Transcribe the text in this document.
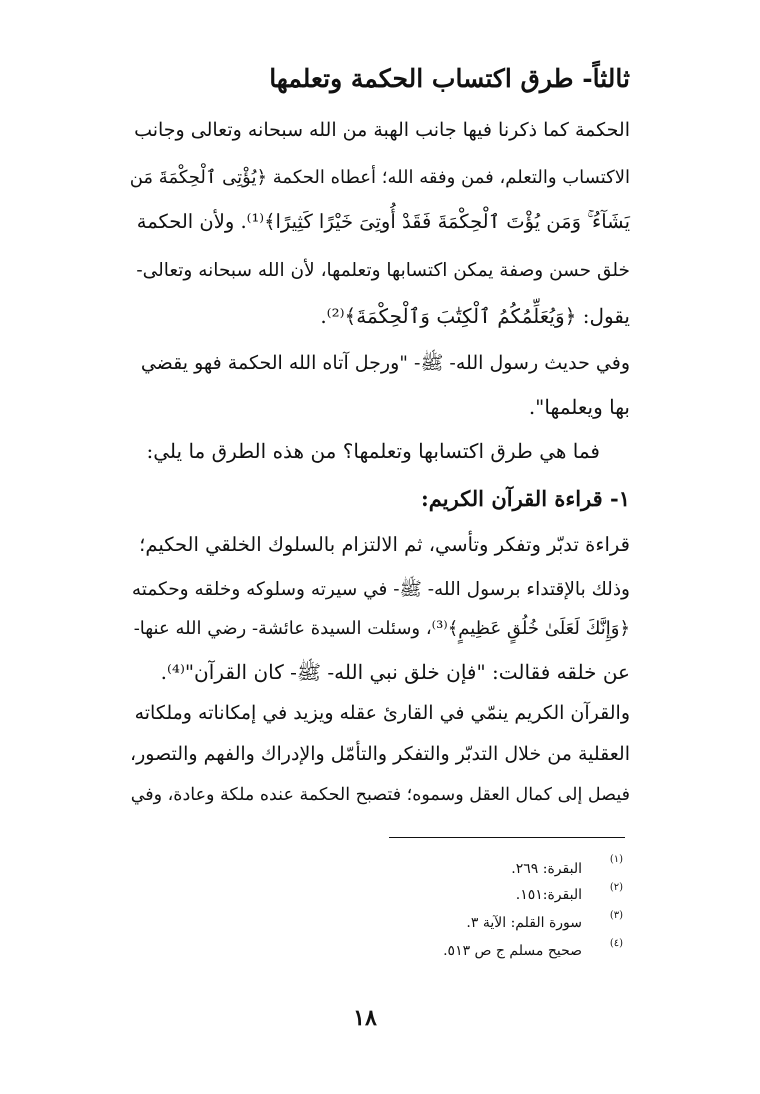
ثالثاً- طرق اكتساب الحكمة وتعلمها
الحكمة كما ذكرنا فيها جانب الهبة من الله سبحانه وتعالى وجانب
الاكتساب والتعلم، فمن وفقه الله؛ أعطاه الحكمة ﴿يُؤْتِى ٱلْحِكْمَةَ مَن
يَشَآءُ ۚ وَمَن يُؤْتَ ٱلْحِكْمَةَ فَقَدْ أُوتِىَ خَيْرًا كَثِيرًا﴾⁽¹⁾. ولأن الحكمة
خلق حسن وصفة يمكن اكتسابها وتعلمها، لأن الله سبحانه وتعالى-
يقول: ﴿وَيُعَلِّمُكُمُ ٱلْكِتَٰبَ وَٱلْحِكْمَةَ﴾⁽²⁾.
وفي حديث رسول الله- ﷺ- "ورجل آتاه الله الحكمة فهو يقضي
بها ويعلمها".
فما هي طرق اكتسابها وتعلمها؟ من هذه الطرق ما يلي:
١- قراءة القرآن الكريم:
قراءة تدبّر وتفكر وتأسي، ثم الالتزام بالسلوك الخلقي الحكيم؛
وذلك بالإقتداء برسول الله- ﷺ- في سيرته وسلوكه وخلقه وحكمته
﴿وَإِنَّكَ لَعَلَىٰ خُلُقٍ عَظِيمٍ﴾⁽³⁾، وسئلت السيدة عائشة- رضي الله عنها-
عن خلقه فقالت: "فإن خلق نبي الله- ﷺ- كان القرآن"⁽⁴⁾.
والقرآن الكريم ينمّي في القارئ عقله ويزيد في إمكاناته وملكاته
العقلية من خلال التدبّر والتفكر والتأمّل والإدراك والفهم والتصور،
فيصل إلى كمال العقل وسموه؛ فتصبح الحكمة عنده ملكة وعادة، وفي
(١)
البقرة: ٢٦٩.
(٢)
البقرة:١٥١.
(٣)
سورة القلم: الآية ٣.
(٤)
صحيح مسلم ج ص ٥١٣.
١٨
